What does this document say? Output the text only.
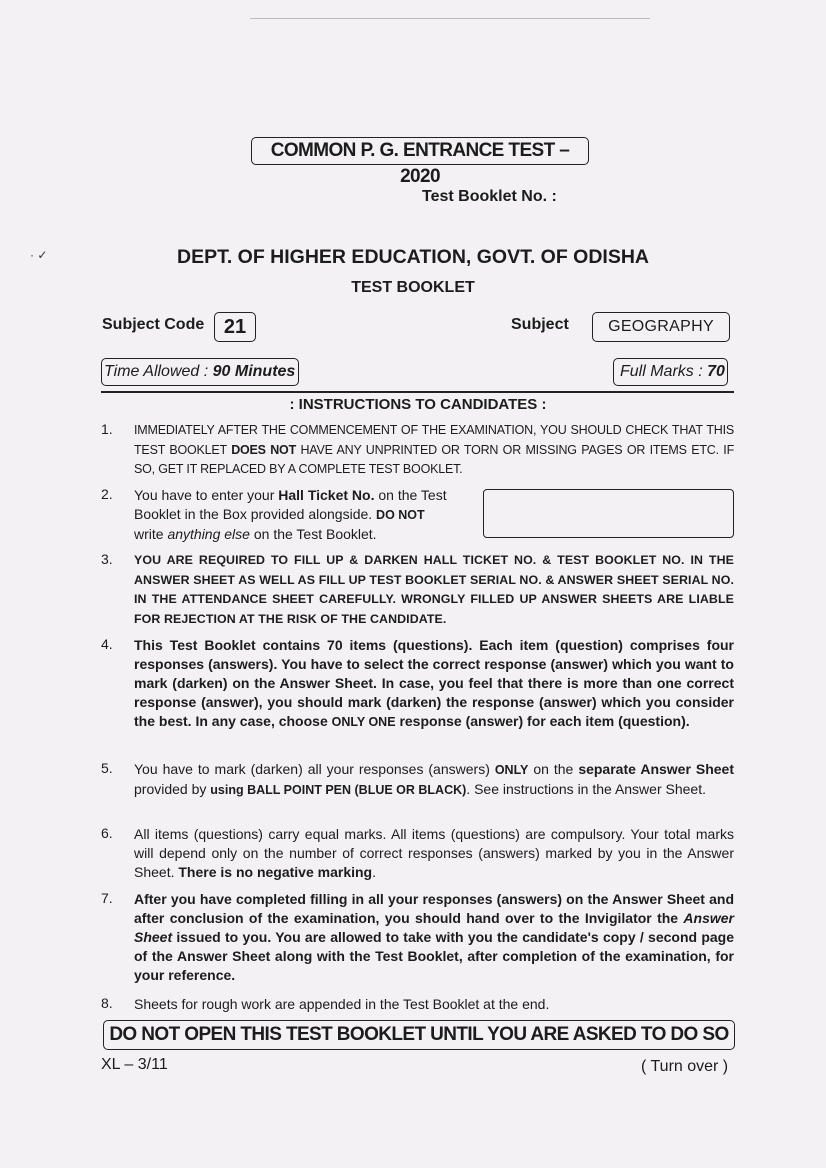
· ✓
COMMON P. G. ENTRANCE TEST – 2020
Test Booklet No. :
DEPT. OF HIGHER EDUCATION, GOVT. OF ODISHA
TEST BOOKLET
Subject Code 21	Subject	GEOGRAPHY
Time Allowed : 90 Minutes	Full Marks : 70
: INSTRUCTIONS TO CANDIDATES :
1. IMMEDIATELY AFTER THE COMMENCEMENT OF THE EXAMINATION, YOU SHOULD CHECK THAT THIS TEST BOOKLET DOES NOT HAVE ANY UNPRINTED OR TORN OR MISSING PAGES OR ITEMS ETC. IF SO, GET IT REPLACED BY A COMPLETE TEST BOOKLET.
2. You have to enter your Hall Ticket No. on the Test Booklet in the Box provided alongside. DO NOT write anything else on the Test Booklet.
3. YOU ARE REQUIRED TO FILL UP & DARKEN HALL TICKET NO. & TEST BOOKLET NO. IN THE ANSWER SHEET AS WELL AS FILL UP TEST BOOKLET SERIAL NO. & ANSWER SHEET SERIAL NO. IN THE ATTENDANCE SHEET CAREFULLY. WRONGLY FILLED UP ANSWER SHEETS ARE LIABLE FOR REJECTION AT THE RISK OF THE CANDIDATE.
4. This Test Booklet contains 70 items (questions). Each item (question) comprises four responses (answers). You have to select the correct response (answer) which you want to mark (darken) on the Answer Sheet. In case, you feel that there is more than one correct response (answer), you should mark (darken) the response (answer) which you consider the best. In any case, choose ONLY ONE response (answer) for each item (question).
5. You have to mark (darken) all your responses (answers) ONLY on the separate Answer Sheet provided by using BALL POINT PEN (BLUE OR BLACK). See instructions in the Answer Sheet.
6. All items (questions) carry equal marks. All items (questions) are compulsory. Your total marks will depend only on the number of correct responses (answers) marked by you in the Answer Sheet. There is no negative marking.
7. After you have completed filling in all your responses (answers) on the Answer Sheet and after conclusion of the examination, you should hand over to the Invigilator the Answer Sheet issued to you. You are allowed to take with you the candidate's copy / second page of the Answer Sheet along with the Test Booklet, after completion of the examination, for your reference.
8. Sheets for rough work are appended in the Test Booklet at the end.
DO NOT OPEN THIS TEST BOOKLET UNTIL YOU ARE ASKED TO DO SO
XL – 3/11	( Turn over )
